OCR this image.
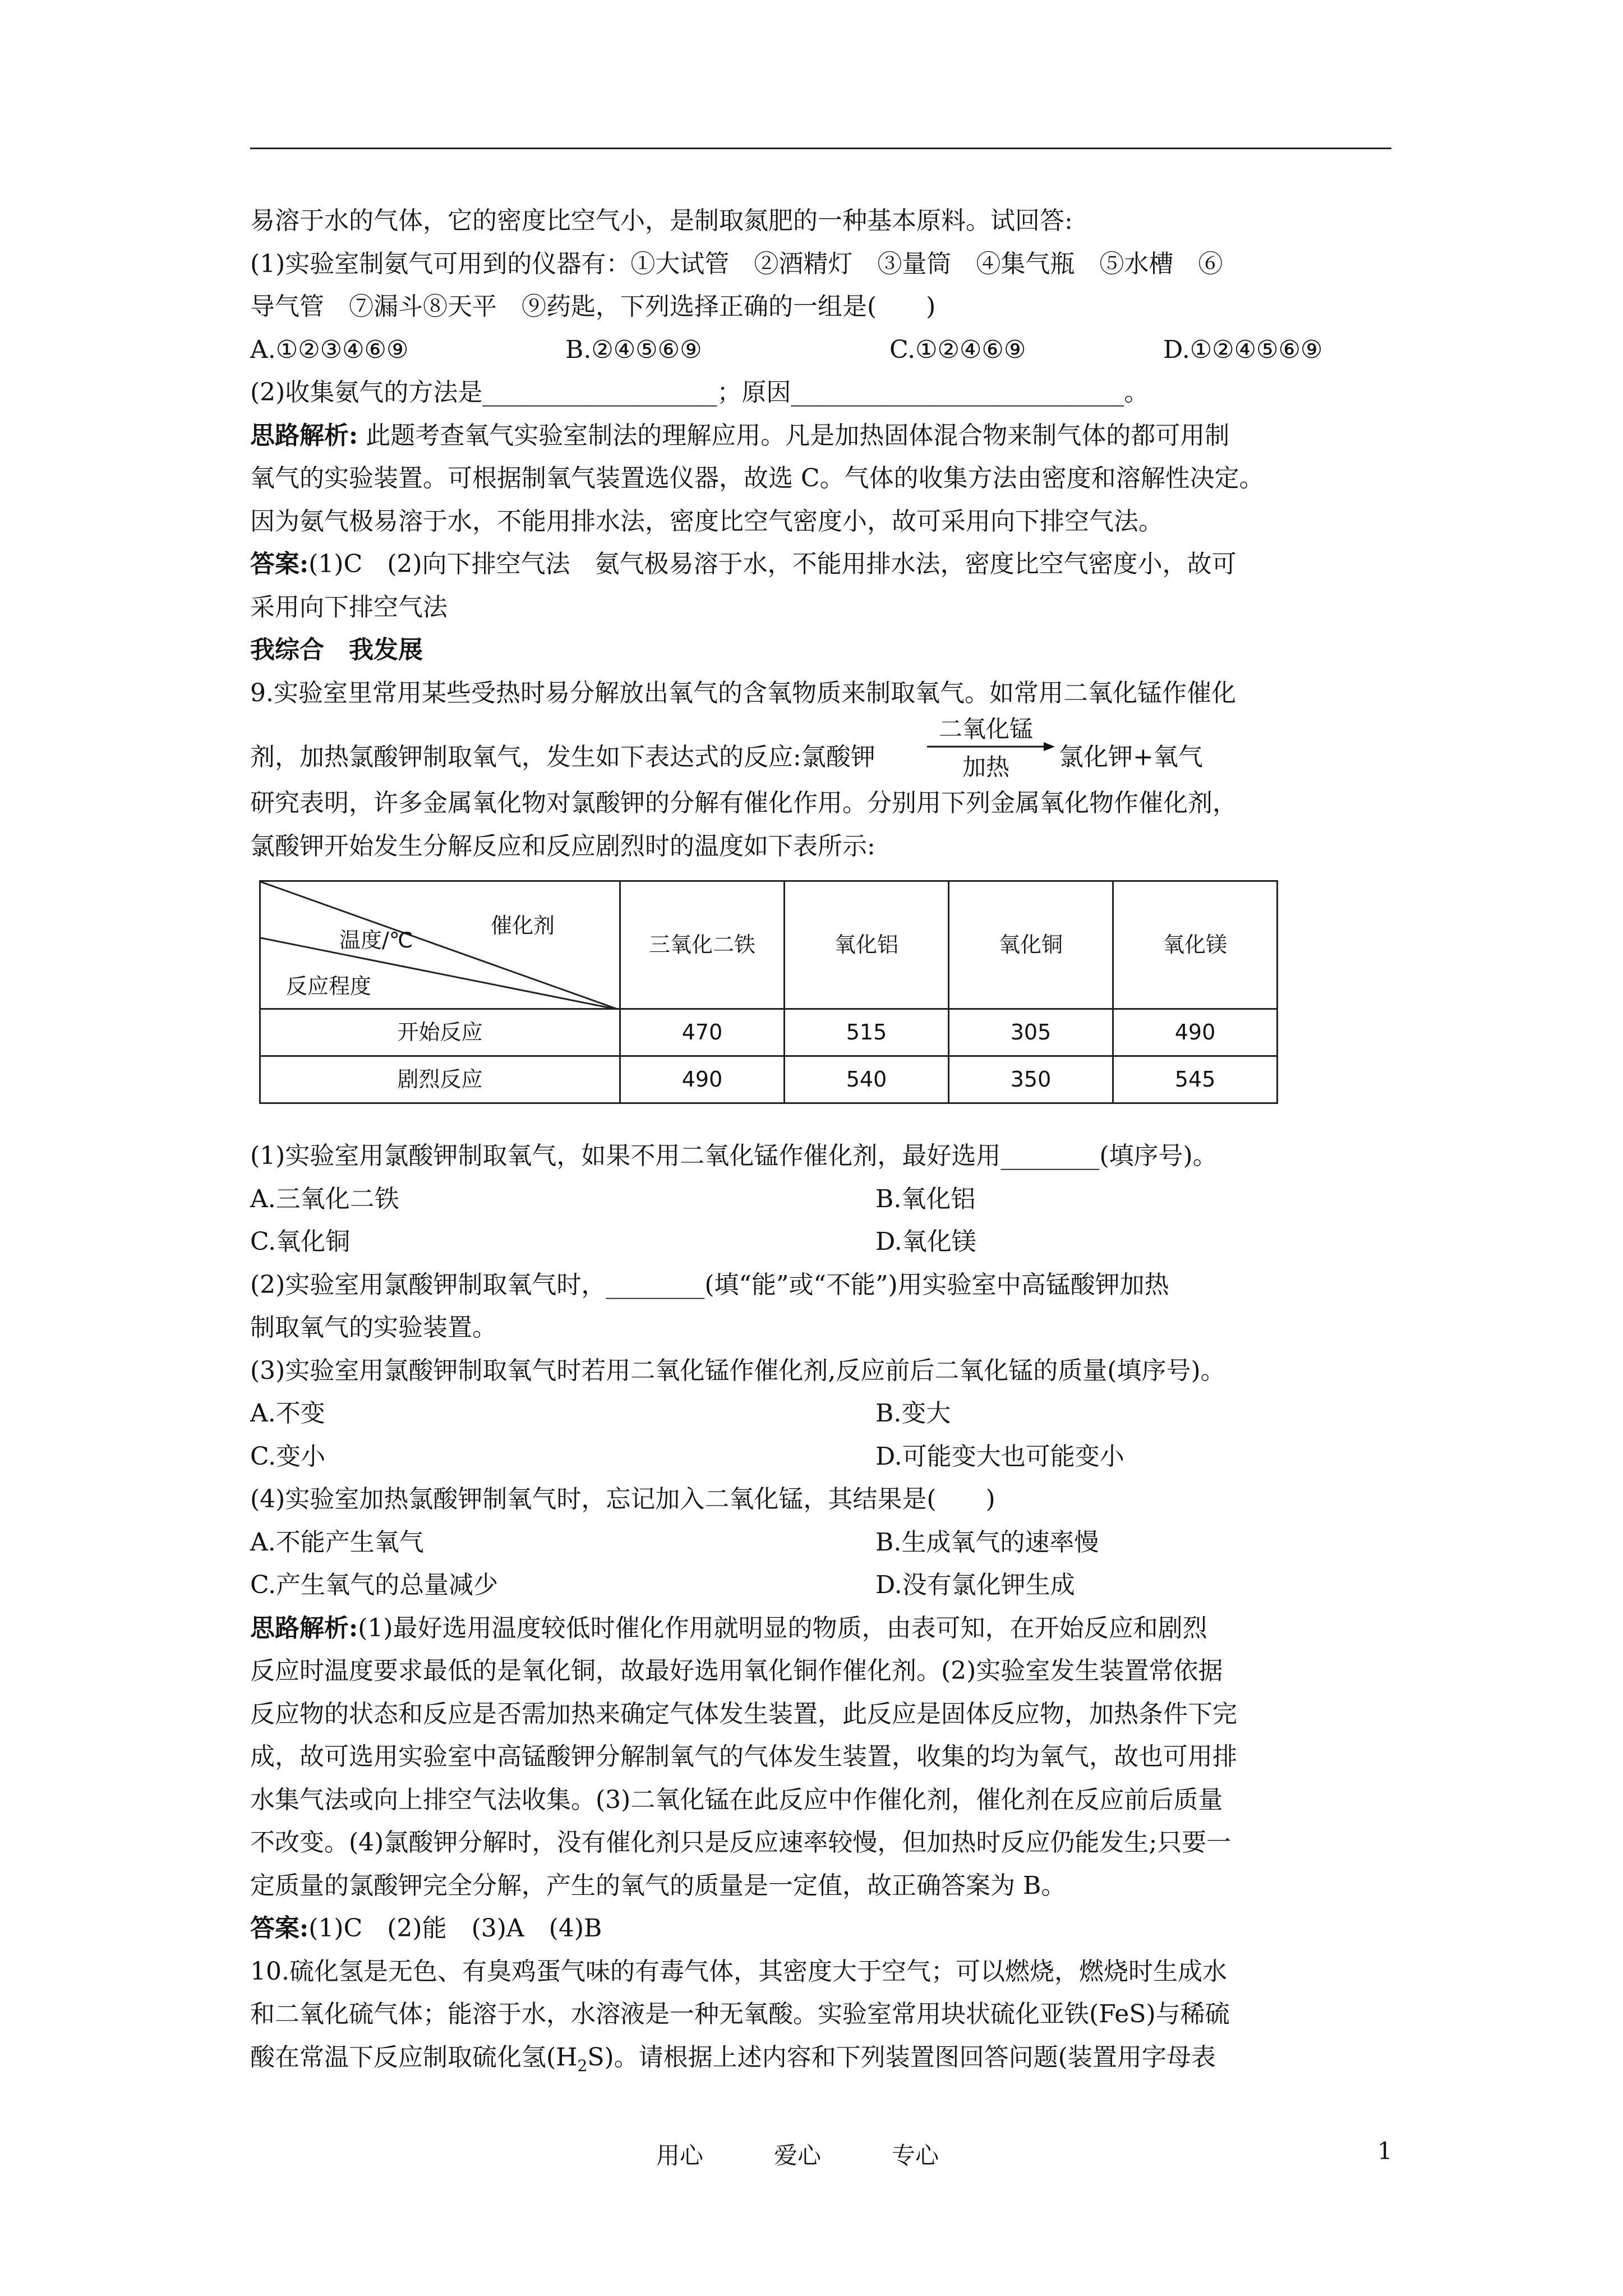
易溶于水的气体，它的密度比空气小，是制取氮肥的一种基本原料。试回答:
(1)实验室制氨气可用到的仪器有：①大试管　②酒精灯　③量筒　④集气瓶　⑤水槽　⑥
导气管　⑦漏斗⑧天平　⑨药匙，下列选择正确的一组是(　　)
A.①②③④⑥⑨	B.②④⑤⑥⑨	C.①②④⑥⑨	D.①②④⑤⑥⑨
(2)收集氨气的方法是___________________；原因___________________________。
思路解析: 此题考查氧气实验室制法的理解应用。凡是加热固体混合物来制气体的都可用制
氧气的实验装置。可根据制氧气装置选仪器，故选 C。气体的收集方法由密度和溶解性决定。
因为氨气极易溶于水，不能用排水法，密度比空气密度小，故可采用向下排空气法。
答案:(1)C　(2)向下排空气法　氨气极易溶于水，不能用排水法，密度比空气密度小，故可
采用向下排空气法
我综合　我发展
9.实验室里常用某些受热时易分解放出氧气的含氧物质来制取氧气。如常用二氧化锰作催化
剂，加热氯酸钾制取氧气，发生如下表达式的反应:氯酸钾
二氧化锰
加热 氯化钾+氧气
研究表明，许多金属氧化物对氯酸钾的分解有催化作用。分别用下列金属氧化物作催化剂，
氯酸钾开始发生分解反应和反应剧烈时的温度如下表所示:
催化剂
温度/℃
反应程度	三氧化二铁	氧化铝	氧化铜	氧化镁
开始反应	470	515	305	490
剧烈反应	490	540	350	545
(1)实验室用氯酸钾制取氧气，如果不用二氧化锰作催化剂，最好选用________(填序号)。
A.三氧化二铁	B.氧化铝
C.氧化铜	D.氧化镁
(2)实验室用氯酸钾制取氧气时，________(填“能”或“不能”)用实验室中高锰酸钾加热
制取氧气的实验装置。
(3)实验室用氯酸钾制取氧气时若用二氧化锰作催化剂,反应前后二氧化锰的质量(填序号)。
A.不变	B.变大
C.变小	D.可能变大也可能变小
(4)实验室加热氯酸钾制氧气时，忘记加入二氧化锰，其结果是(　　)
A.不能产生氧气	B.生成氧气的速率慢
C.产生氧气的总量减少	D.没有氯化钾生成
思路解析:(1)最好选用温度较低时催化作用就明显的物质，由表可知，在开始反应和剧烈
反应时温度要求最低的是氧化铜，故最好选用氧化铜作催化剂。(2)实验室发生装置常依据
反应物的状态和反应是否需加热来确定气体发生装置，此反应是固体反应物，加热条件下完
成，故可选用实验室中高锰酸钾分解制氧气的气体发生装置，收集的均为氧气，故也可用排
水集气法或向上排空气法收集。(3)二氧化锰在此反应中作催化剂，催化剂在反应前后质量
不改变。(4)氯酸钾分解时，没有催化剂只是反应速率较慢，但加热时反应仍能发生;只要一
定质量的氯酸钾完全分解，产生的氧气的质量是一定值，故正确答案为 B。
答案:(1)C　(2)能　(3)A　(4)B
10.硫化氢是无色、有臭鸡蛋气味的有毒气体，其密度大于空气；可以燃烧，燃烧时生成水
和二氧化硫气体；能溶于水，水溶液是一种无氧酸。实验室常用块状硫化亚铁(FeS)与稀硫
酸在常温下反应制取硫化氢$(H_2S)$。请根据上述内容和下列装置图回答问题(装置用字母表
用心　　　爱心　　　专心	1
